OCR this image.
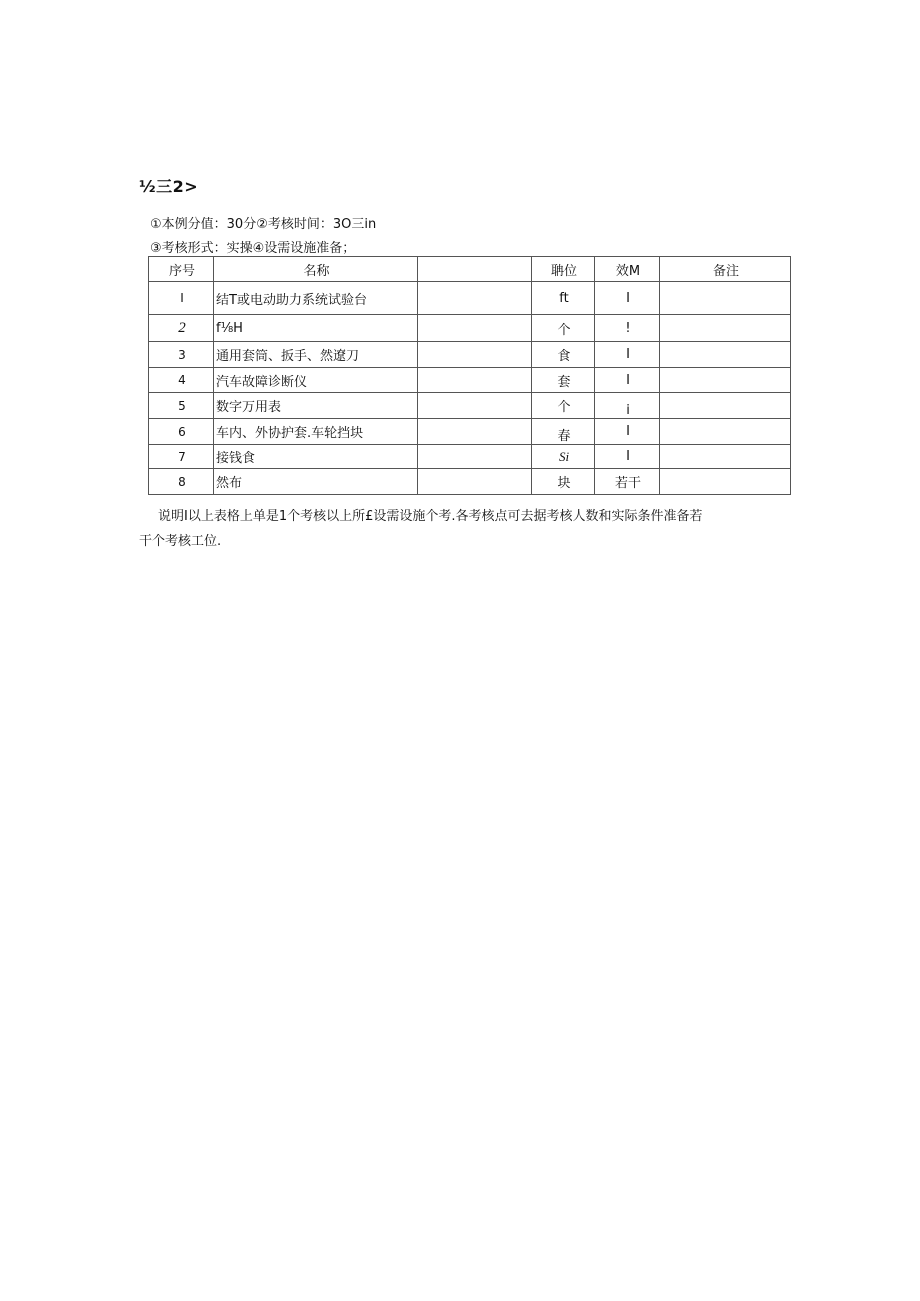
½三2>
①本例分值：30分②考核时间：3O三in
③考核形式：实操④设需设施准备；
序号	名称		聃位	效M	备注
I	结T或电动助力系统试验台		ft	I	
2	f⅛H		个	!	
3	通用套筒、扳手、然遼刀		食	I	
4	汽车故障诊断仪		套	I	
5	数字万用表		个	i	
6	车内、外协护套.车轮挡块		春	I	
7	接钱食		Si	I	
8	然布		块	若干	
说明I以上表格上单是1个考核以上所£设需设施个考.各考核点可去据考核人数和实际条件准备若
干个考核工位.
